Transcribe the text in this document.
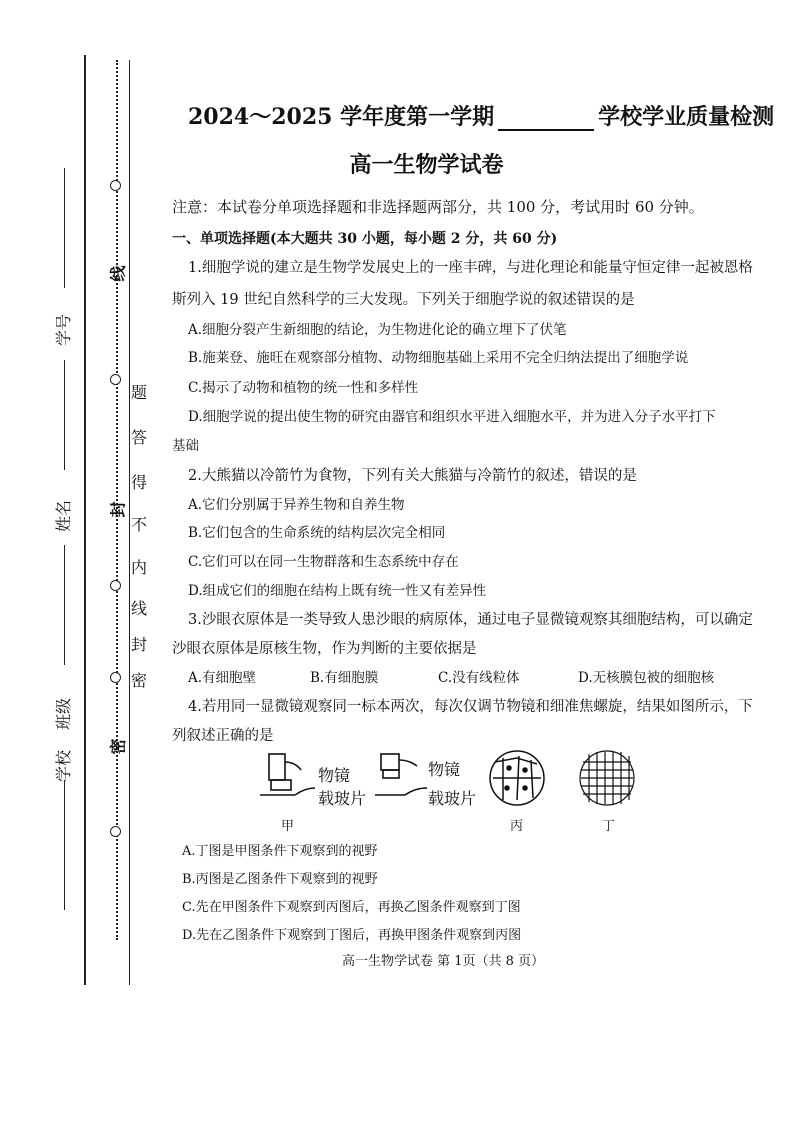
线
封
密
题
答
得
不
内
线
封
密
学号
姓名
班级
学校
2024～2025 学年度第一学期	学校学业质量检测
高一生物学试卷
注意：本试卷分单项选择题和非选择题两部分，共 100 分，考试用时 60 分钟。
一、单项选择题(本大题共 30 小题，每小题 2 分，共 60 分)
1.细胞学说的建立是生物学发展史上的一座丰碑，与进化理论和能量守恒定律一起被恩格
斯列入 19 世纪自然科学的三大发现。下列关于细胞学说的叙述错误的是
A.细胞分裂产生新细胞的结论，为生物进化论的确立埋下了伏笔
B.施莱登、施旺在观察部分植物、动物细胞基础上采用不完全归纳法提出了细胞学说
C.揭示了动物和植物的统一性和多样性
D.细胞学说的提出使生物的研究由器官和组织水平进入细胞水平，并为进入分子水平打下
基础
2.大熊猫以冷箭竹为食物，下列有关大熊猫与冷箭竹的叙述，错误的是
A.它们分别属于异养生物和自养生物
B.它们包含的生命系统的结构层次完全相同
C.它们可以在同一生物群落和生态系统中存在
D.组成它们的细胞在结构上既有统一性又有差异性
3.沙眼衣原体是一类导致人患沙眼的病原体，通过电子显微镜观察其细胞结构，可以确定
沙眼衣原体是原核生物，作为判断的主要依据是
A.有细胞壁	B.有细胞膜	C.没有线粒体	D.无核膜包被的细胞核
4.若用同一显微镜观察同一标本两次，每次仅调节物镜和细准焦螺旋，结果如图所示，下
列叙述正确的是
物镜
载玻片
物镜
载玻片
甲	丙	丁
A.丁图是甲图条件下观察到的视野
B.丙图是乙图条件下观察到的视野
C.先在甲图条件下观察到丙图后，再换乙图条件观察到丁图
D.先在乙图条件下观察到丁图后，再换甲图条件观察到丙图
高一生物学试卷 第 1页（共 8 页）
